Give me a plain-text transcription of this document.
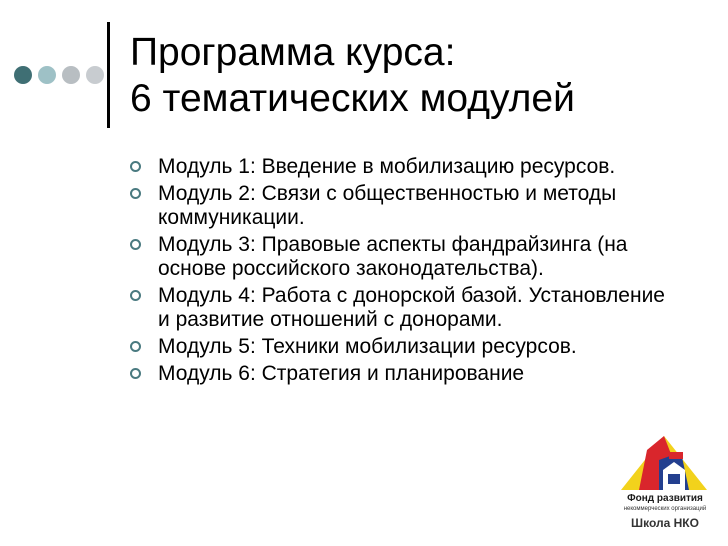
Программа курса:
6 тематических модулей
Модуль 1: Введение в мобилизацию ресурсов.
Модуль 2: Связи с общественностью и методы коммуникации.
Модуль 3: Правовые аспекты фандрайзинга (на основе российского законодательства).
Модуль 4: Работа с донорской базой. Установление и развитие отношений с донорами.
Модуль 5: Техники мобилизации ресурсов.
Модуль 6: Стратегия и планирование
Фонд развития
некоммерческих организаций
Школа НКО
